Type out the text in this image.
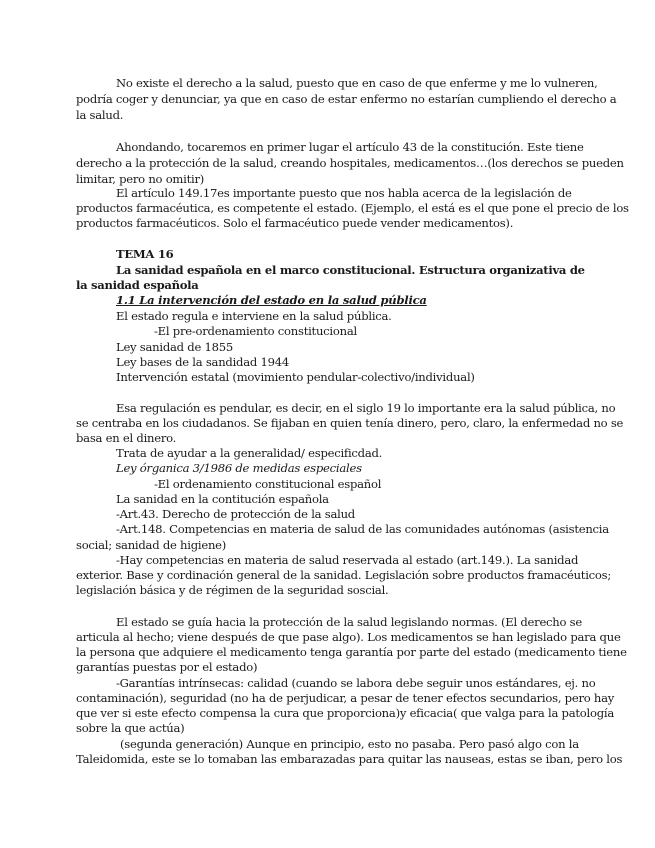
No existe el derecho a la salud, puesto que en caso de que enferme y me lo vulneren,
podría coger y denunciar, ya que en caso de estar enfermo no estarían cumpliendo el derecho a
la salud.
Ahondando, tocaremos en primer lugar el artículo 43 de la constitución. Este tiene
derecho a la protección de la salud, creando hospitales, medicamentos…(los derechos se pueden
limitar, pero no omitir)
El artículo 149.17es importante puesto que nos habla acerca de la legislación de
productos farmacéutica, es competente el estado. (Ejemplo, el está es el que pone el precio de los
productos farmacéuticos. Solo el farmacéutico puede vender medicamentos).
TEMA 16
La sanidad española en el marco constitucional. Estructura organizativa de
la sanidad española
1.1 La intervención del estado en la salud pública
El estado regula e interviene en la salud pública.
-El pre-ordenamiento constitucional
Ley sanidad de 1855
Ley bases de la sandidad 1944
Intervención estatal (movimiento pendular-colectivo/individual)
Esa regulación es pendular, es decir, en el siglo 19 lo importante era la salud pública, no
se centraba en los ciudadanos. Se fijaban en quien tenía dinero, pero, claro, la enfermedad no se
basa en el dinero.
Trata de ayudar a la generalidad/ especificdad.
Ley órganica 3/1986 de medidas especiales
-El ordenamiento constitucional español
La sanidad en la contitución española
-Art.43. Derecho de protección de la salud
-Art.148. Competencias en materia de salud de las comunidades autónomas (asistencia
social; sanidad de higiene)
-Hay competencias en materia de salud reservada al estado (art.149.). La sanidad
exterior. Base y cordinación general de la sanidad. Legislación sobre productos framacéuticos;
legislación básica y de régimen de la seguridad soscial.
El estado se guía hacia la protección de la salud legislando normas. (El derecho se
articula al hecho; viene después de que pase algo). Los medicamentos se han legislado para que
la persona que adquiere el medicamento tenga garantía por parte del estado (medicamento tiene
garantías puestas por el estado)
-Garantías intrínsecas: calidad (cuando se labora debe seguir unos estándares, ej. no
contaminación), seguridad (no ha de perjudicar, a pesar de tener efectos secundarios, pero hay
que ver si este efecto compensa la cura que proporciona)y eficacia( que valga para la patología
sobre la que actúa)
(segunda generación) Aunque en principio, esto no pasaba. Pero pasó algo con la
Taleidomida, este se lo tomaban las embarazadas para quitar las nauseas, estas se iban, pero los
